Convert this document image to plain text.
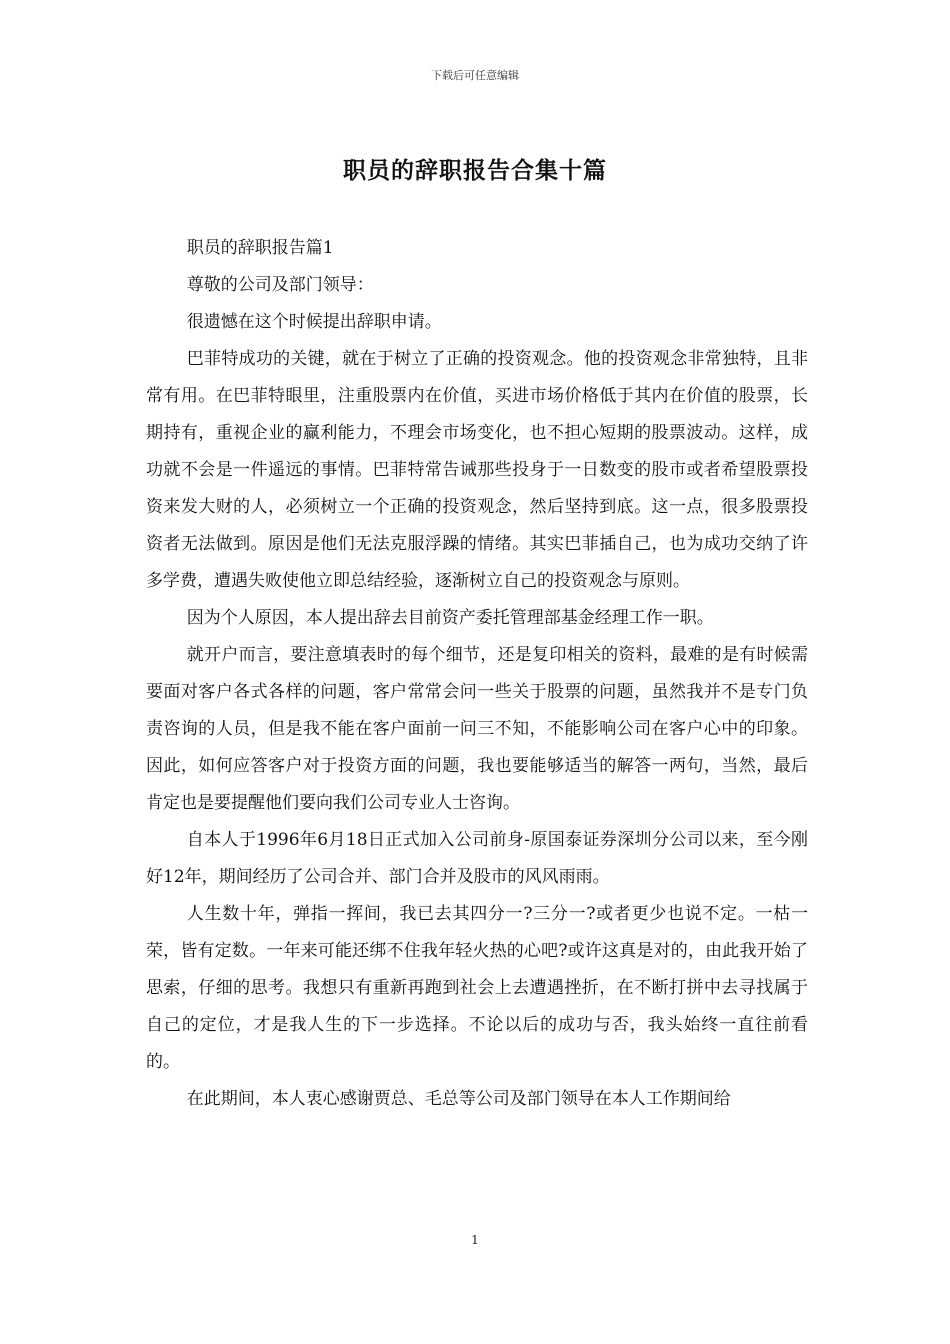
下载后可任意编辑
职员的辞职报告合集十篇

职员的辞职报告篇1

尊敬的公司及部门领导：

很遗憾在这个时候提出辞职申请。

巴菲特成功的关键，就在于树立了正确的投资观念。他的投资观念非常独特，且非常有用。在巴菲特眼里，注重股票内在价值，买进市场价格低于其内在价值的股票，长期持有，重视企业的赢利能力，不理会市场变化，也不担心短期的股票波动。这样，成功就不会是一件遥远的事情。巴菲特常告诫那些投身于一日数变的股市或者希望股票投资来发大财的人，必须树立一个正确的投资观念，然后坚持到底。这一点，很多股票投资者无法做到。原因是他们无法克服浮躁的情绪。其实巴菲插自己，也为成功交纳了许多学费，遭遇失败使他立即总结经验，逐渐树立自己的投资观念与原则。

因为个人原因，本人提出辞去目前资产委托管理部基金经理工作一职。

就开户而言，要注意填表时的每个细节，还是复印相关的资料，最难的是有时候需要面对客户各式各样的问题，客户常常会问一些关于股票的问题，虽然我并不是专门负责咨询的人员，但是我不能在客户面前一问三不知，不能影响公司在客户心中的印象。因此，如何应答客户对于投资方面的问题，我也要能够适当的解答一两句，当然，最后肯定也是要提醒他们要向我们公司专业人士咨询。

自本人于1996年6月18日正式加入公司前身-原国泰证券深圳分公司以来，至今刚好12年，期间经历了公司合并、部门合并及股市的风风雨雨。

人生数十年，弹指一挥间，我已去其四分一?三分一?或者更少也说不定。一枯一荣，皆有定数。一年来可能还绑不住我年轻火热的心吧?或许这真是对的，由此我开始了思索，仔细的思考。我想只有重新再跑到社会上去遭遇挫折，在不断打拼中去寻找属于自己的定位，才是我人生的下一步选择。不论以后的成功与否，我头始终一直往前看的。

在此期间，本人衷心感谢贾总、毛总等公司及部门领导在本人工作期间给

1
